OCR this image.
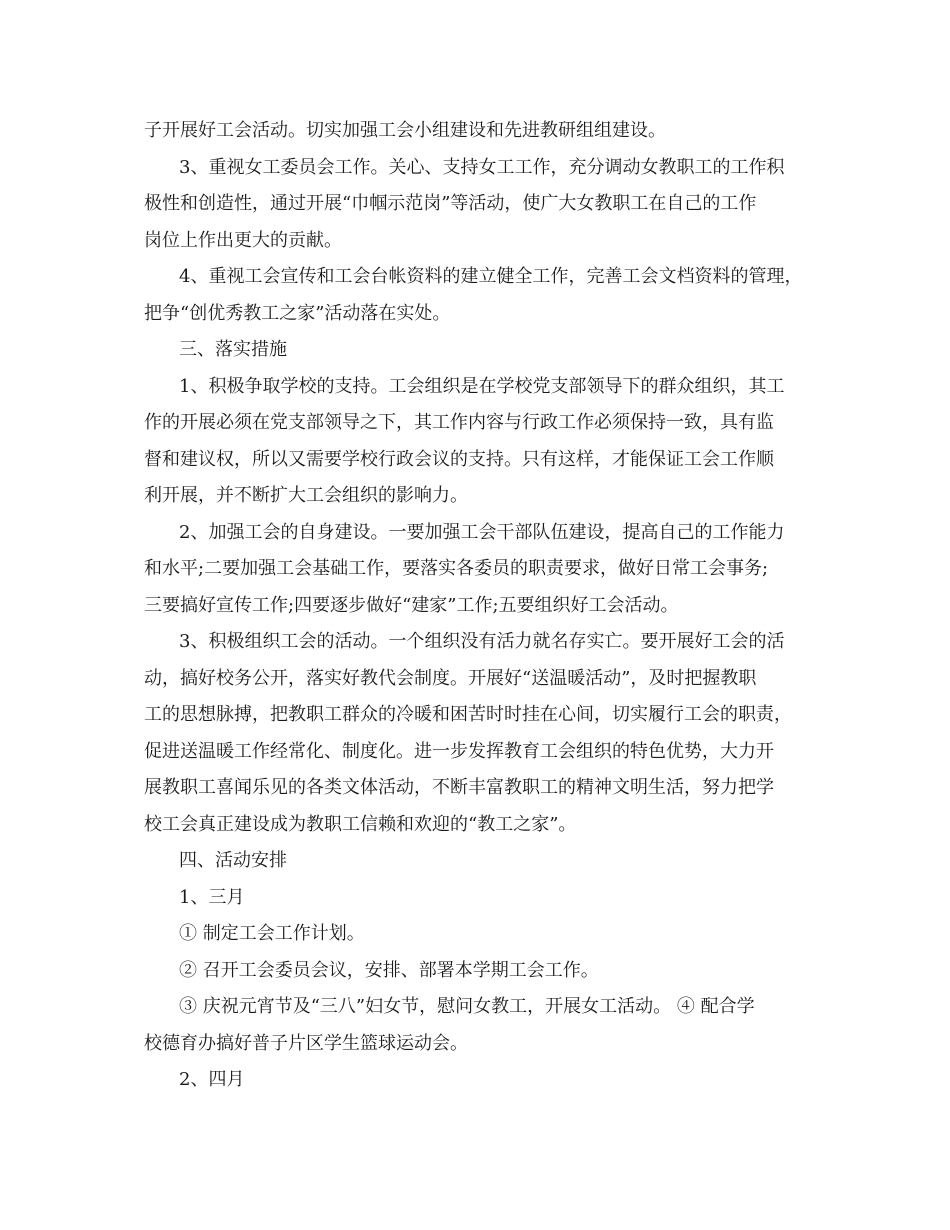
子开展好工会活动。切实加强工会小组建设和先进教研组组建设。
3、重视女工委员会工作。关心、支持女工工作，充分调动女教职工的工作积
极性和创造性，通过开展“巾帼示范岗”等活动，使广大女教职工在自己的工作
岗位上作出更大的贡献。
4、重视工会宣传和工会台帐资料的建立健全工作，完善工会文档资料的管理，
把争“创优秀教工之家”活动落在实处。
三、落实措施
1、积极争取学校的支持。工会组织是在学校党支部领导下的群众组织，其工
作的开展必须在党支部领导之下，其工作内容与行政工作必须保持一致，具有监
督和建议权，所以又需要学校行政会议的支持。只有这样，才能保证工会工作顺
利开展，并不断扩大工会组织的影响力。
2、加强工会的自身建设。一要加强工会干部队伍建设，提高自己的工作能力
和水平;二要加强工会基础工作，要落实各委员的职责要求，做好日常工会事务;
三要搞好宣传工作;四要逐步做好“建家”工作;五要组织好工会活动。
3、积极组织工会的活动。一个组织没有活力就名存实亡。要开展好工会的活
动，搞好校务公开，落实好教代会制度。开展好“送温暖活动”，及时把握教职
工的思想脉搏，把教职工群众的冷暖和困苦时时挂在心间，切实履行工会的职责，
促进送温暖工作经常化、制度化。进一步发挥教育工会组织的特色优势，大力开
展教职工喜闻乐见的各类文体活动，不断丰富教职工的精神文明生活，努力把学
校工会真正建设成为教职工信赖和欢迎的“教工之家”。
四、活动安排
1、三月
① 制定工会工作计划。
② 召开工会委员会议，安排、部署本学期工会工作。
③ 庆祝元宵节及“三八”妇女节，慰问女教工，开展女工活动。 ④ 配合学
校德育办搞好普子片区学生篮球运动会。
2、四月
